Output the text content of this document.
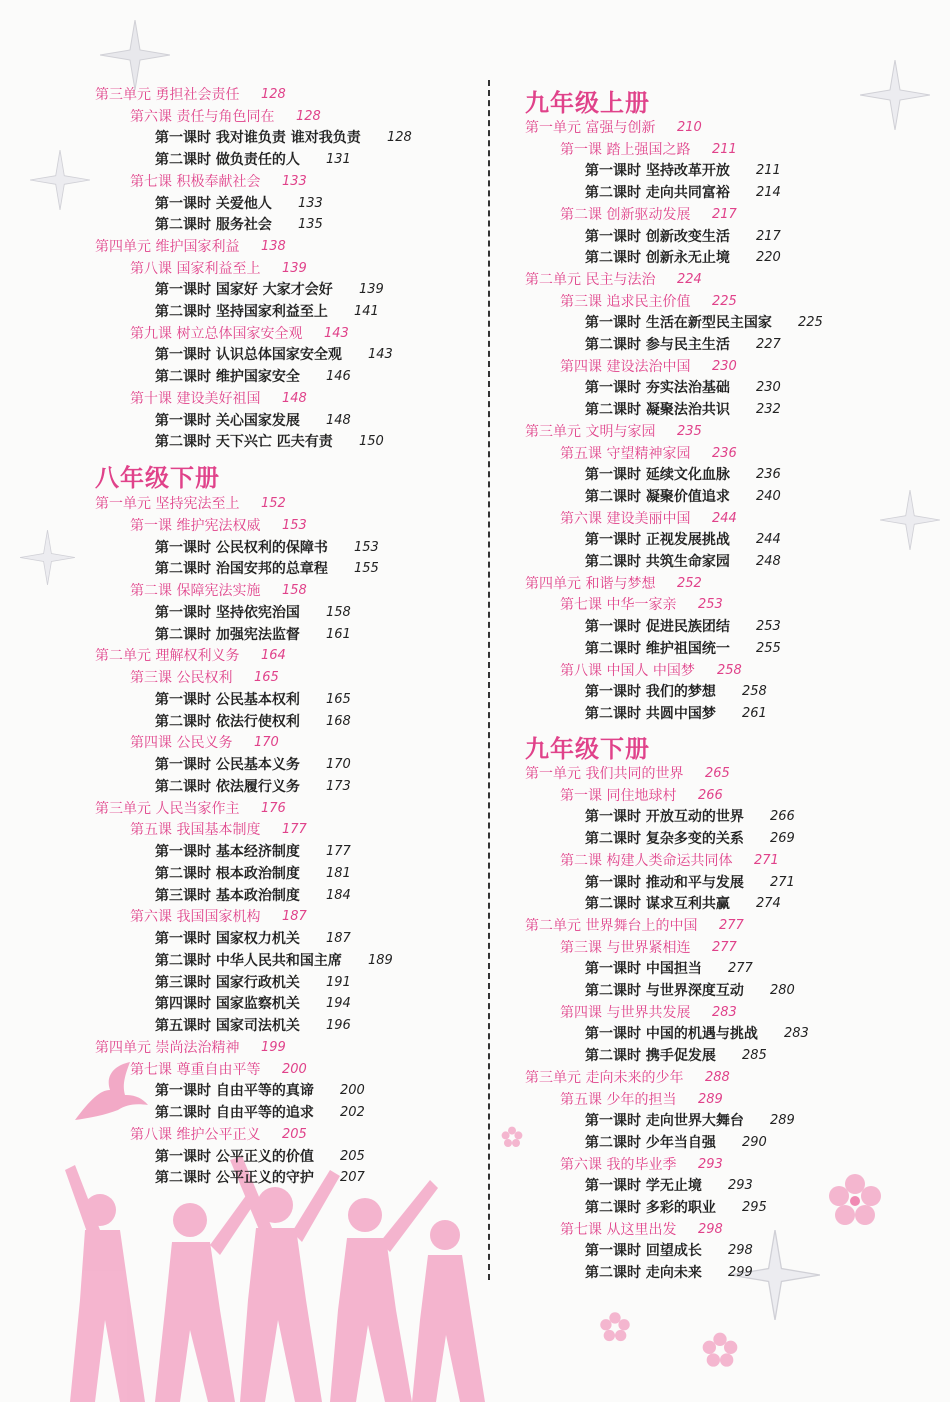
第三单元 勇担社会责任 128
第六课 责任与角色同在 128
第一课时 我对谁负责 谁对我负责 128
第二课时 做负责任的人 131
第七课 积极奉献社会 133
第一课时 关爱他人 133
第二课时 服务社会 135
第四单元 维护国家利益 138
第八课 国家利益至上 139
第一课时 国家好 大家才会好 139
第二课时 坚持国家利益至上 141
第九课 树立总体国家安全观 143
第一课时 认识总体国家安全观 143
第二课时 维护国家安全 146
第十课 建设美好祖国 148
第一课时 关心国家发展 148
第二课时 天下兴亡 匹夫有责 150
八年级下册
第一单元 坚持宪法至上 152
第一课 维护宪法权威 153
第一课时 公民权利的保障书 153
第二课时 治国安邦的总章程 155
第二课 保障宪法实施 158
第一课时 坚持依宪治国 158
第二课时 加强宪法监督 161
第二单元 理解权利义务 164
第三课 公民权利 165
第一课时 公民基本权利 165
第二课时 依法行使权利 168
第四课 公民义务 170
第一课时 公民基本义务 170
第二课时 依法履行义务 173
第三单元 人民当家作主 176
第五课 我国基本制度 177
第一课时 基本经济制度 177
第二课时 根本政治制度 181
第三课时 基本政治制度 184
第六课 我国国家机构 187
第一课时 国家权力机关 187
第二课时 中华人民共和国主席 189
第三课时 国家行政机关 191
第四课时 国家监察机关 194
第五课时 国家司法机关 196
第四单元 崇尚法治精神 199
第七课 尊重自由平等 200
第一课时 自由平等的真谛 200
第二课时 自由平等的追求 202
第八课 维护公平正义 205
第一课时 公平正义的价值 205
第二课时 公平正义的守护 207
九年级上册
第一单元 富强与创新 210
第一课 踏上强国之路 211
第一课时 坚持改革开放 211
第二课时 走向共同富裕 214
第二课 创新驱动发展 217
第一课时 创新改变生活 217
第二课时 创新永无止境 220
第二单元 民主与法治 224
第三课 追求民主价值 225
第一课时 生活在新型民主国家 225
第二课时 参与民主生活 227
第四课 建设法治中国 230
第一课时 夯实法治基础 230
第二课时 凝聚法治共识 232
第三单元 文明与家园 235
第五课 守望精神家园 236
第一课时 延续文化血脉 236
第二课时 凝聚价值追求 240
第六课 建设美丽中国 244
第一课时 正视发展挑战 244
第二课时 共筑生命家园 248
第四单元 和谐与梦想 252
第七课 中华一家亲 253
第一课时 促进民族团结 253
第二课时 维护祖国统一 255
第八课 中国人 中国梦 258
第一课时 我们的梦想 258
第二课时 共圆中国梦 261
九年级下册
第一单元 我们共同的世界 265
第一课 同住地球村 266
第一课时 开放互动的世界 266
第二课时 复杂多变的关系 269
第二课 构建人类命运共同体 271
第一课时 推动和平与发展 271
第二课时 谋求互利共赢 274
第二单元 世界舞台上的中国 277
第三课 与世界紧相连 277
第一课时 中国担当 277
第二课时 与世界深度互动 280
第四课 与世界共发展 283
第一课时 中国的机遇与挑战 283
第二课时 携手促发展 285
第三单元 走向未来的少年 288
第五课 少年的担当 289
第一课时 走向世界大舞台 289
第二课时 少年当自强 290
第六课 我的毕业季 293
第一课时 学无止境 293
第二课时 多彩的职业 295
第七课 从这里出发 298
第一课时 回望成长 298
第二课时 走向未来 299
